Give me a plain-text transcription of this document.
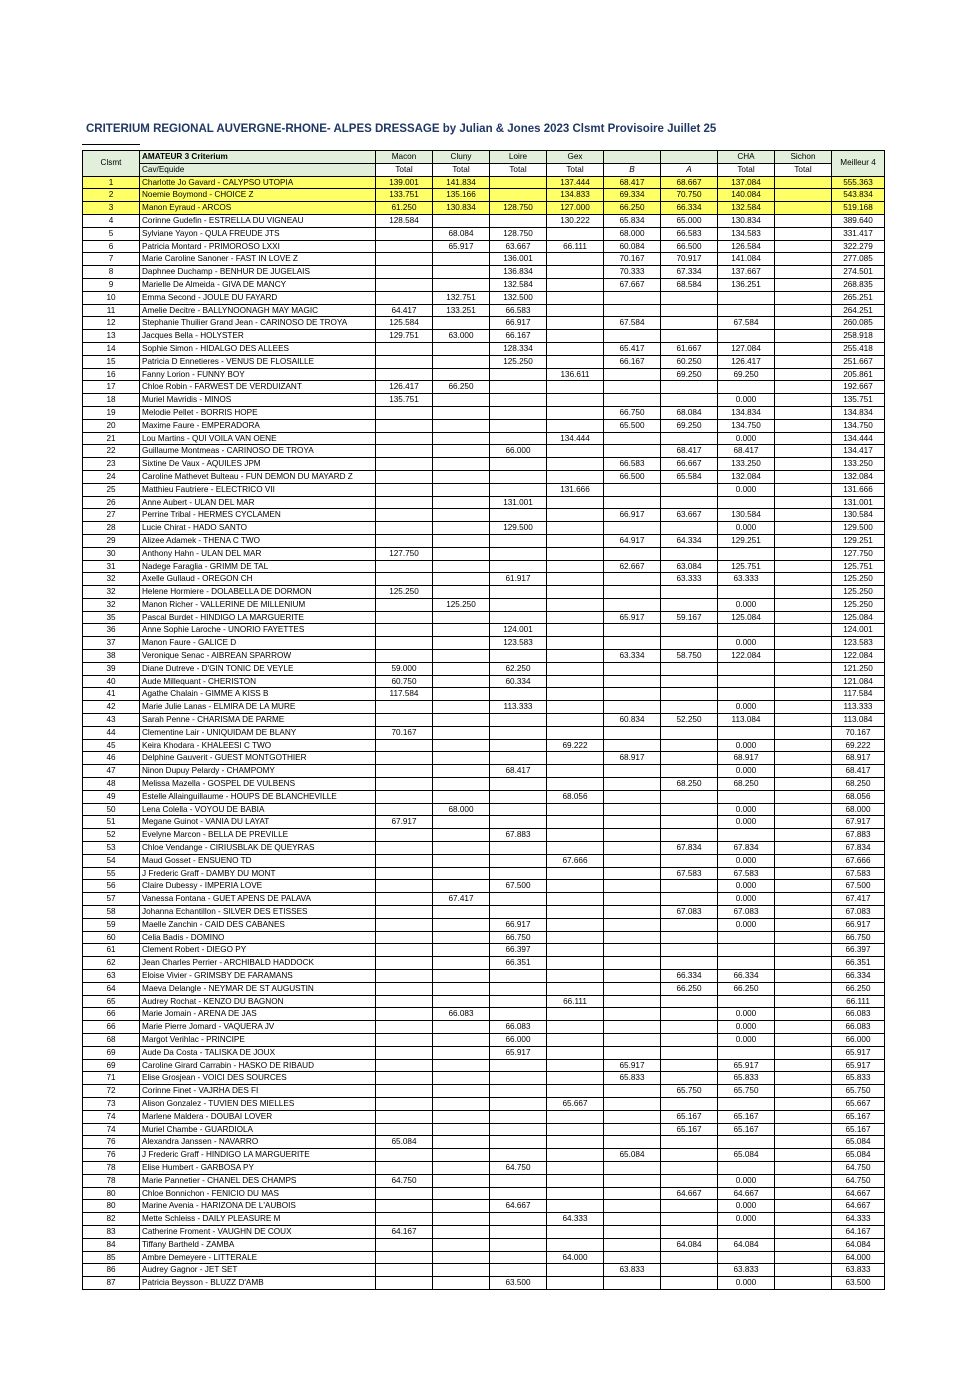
CRITERIUM REGIONAL AUVERGNE-RHONE- ALPES DRESSAGE by Julian & Jones 2023 Clsmt Provisoire Juillet 25
Clsmt	AMATEUR 3 Criterium	Macon	Cluny	Loire	Gex			CHA	Sichon	Meilleur 4
	Cav/Equide	Total	Total	Total	Total	B	A	Total	Total	
1	Charlotte Jo Gavard - CALYPSO UTOPIA	139.001	141.834		137.444	68.417	68.667	137.084		555.363
2	Noemie Boymond - CHOICE Z	133.751	135.166		134.833	69.334	70.750	140.084		543.834
3	Manon Eyraud - ARCOS	61.250	130.834	128.750	127.000	66.250	66.334	132.584		519.168
4	Corinne Gudefin - ESTRELLA DU VIGNEAU	128.584			130.222	65.834	65.000	130.834		389.640
5	Sylviane Yayon - QULA FREUDE JTS		68.084	128.750		68.000	66.583	134.583		331.417
6	Patricia Montard - PRIMOROSO LXXI		65.917	63.667	66.111	60.084	66.500	126.584		322.279
7	Marie Caroline Sanoner - FAST IN LOVE Z			136.001		70.167	70.917	141.084		277.085
8	Daphnee Duchamp - BENHUR DE JUGELAIS			136.834		70.333	67.334	137.667		274.501
9	Marielle De Almeida - GIVA DE MANCY			132.584		67.667	68.584	136.251		268.835
10	Emma Second - JOULE DU FAYARD		132.751	132.500						265.251
11	Amelie Decitre - BALLYNOONAGH MAY MAGIC	64.417	133.251	66.583						264.251
12	Stephanie Thuilier Grand Jean - CARINOSO DE TROYA	125.584		66.917		67.584		67.584		260.085
13	Jacques Bella - HOLYSTER	129.751	63.000	66.167						258.918
14	Sophie Simon - HIDALGO DES ALLEES			128.334		65.417	61.667	127.084		255.418
15	Patricia D Ennetieres - VENUS DE FLOSAILLE			125.250		66.167	60.250	126.417		251.667
16	Fanny Lorion - FUNNY BOY				136.611		69.250	69.250		205.861
17	Chloe Robin - FARWEST DE VERDUIZANT	126.417	66.250							192.667
18	Muriel Mavridis - MINOS	135.751						0.000		135.751
19	Melodie Pellet - BORRIS HOPE					66.750	68.084	134.834		134.834
20	Maxime Faure - EMPERADORA					65.500	69.250	134.750		134.750
21	Lou Martins - QUI VOILA VAN OENE				134.444			0.000		134.444
22	Guillaume Montmeas - CARINOSO DE TROYA			66.000			68.417	68.417		134.417
23	Sixtine De Vaux - AQUILES JPM					66.583	66.667	133.250		133.250
24	Caroline Mathevet Bulteau - FUN DEMON DU MAYARD Z					66.500	65.584	132.084		132.084
25	Matthieu Fautriere - ELECTRICO VII				131.666			0.000		131.666
26	Anne Aubert - ULAN DEL MAR			131.001						131.001
27	Perrine Tribal - HERMES CYCLAMEN					66.917	63.667	130.584		130.584
28	Lucie Chirat - HADO SANTO			129.500				0.000		129.500
29	Alizee Adamek - THENA C TWO					64.917	64.334	129.251		129.251
30	Anthony Hahn - ULAN DEL MAR	127.750								127.750
31	Nadege Faraglia - GRIMM DE TAL					62.667	63.084	125.751		125.751
32	Axelle Gullaud - OREGON CH			61.917			63.333	63.333		125.250
32	Helene Hormiere - DOLABELLA DE DORMON	125.250								125.250
32	Manon Richer - VALLERINE DE MILLENIUM		125.250					0.000		125.250
35	Pascal Burdet - HINDIGO LA MARGUERITE					65.917	59.167	125.084		125.084
36	Anne Sophie Laroche - UNORIO FAYETTES			124.001						124.001
37	Manon Faure - GALICE D			123.583				0.000		123.583
38	Veronique Senac - AIBREAN SPARROW					63.334	58.750	122.084		122.084
39	Diane Dutreve - D'GIN TONIC DE VEYLE	59.000		62.250						121.250
40	Aude Millequant - CHERISTON	60.750		60.334						121.084
41	Agathe Chalain - GIMME A KISS B	117.584								117.584
42	Marie Julie Lanas - ELMIRA DE LA MURE			113.333				0.000		113.333
43	Sarah Penne - CHARISMA DE PARME					60.834	52.250	113.084		113.084
44	Clementine Lair - UNIQUIDAM DE BLANY	70.167								70.167
45	Keira Khodara - KHALEESI C TWO				69.222			0.000		69.222
46	Delphine Gauverit - GUEST MONTGOTHIER					68.917		68.917		68.917
47	Ninon Dupuy Pelardy - CHAMPOMY			68.417				0.000		68.417
48	Melissa Mazella - GOSPEL DE VULBENS						68.250	68.250		68.250
49	Estelle Allainguillaume - HOUPS DE BLANCHEVILLE				68.056					68.056
50	Lena Colella - VOYOU DE BABIA		68.000					0.000		68.000
51	Megane Guinot - VANIA DU LAYAT	67.917						0.000		67.917
52	Evelyne Marcon - BELLA DE PREVILLE			67.883						67.883
53	Chloe Vendange - CIRIUSBLAK DE QUEYRAS						67.834	67.834		67.834
54	Maud Gosset - ENSUENO TD				67.666			0.000		67.666
55	J Frederic Graff - DAMBY DU MONT						67.583	67.583		67.583
56	Claire Dubessy - IMPERIA LOVE			67.500				0.000		67.500
57	Vanessa Fontana - GUET APENS DE PALAVA		67.417					0.000		67.417
58	Johanna Echantillon - SILVER DES ETISSES						67.083	67.083		67.083
59	Maelle Zanchin - CAID DES CABANES			66.917				0.000		66.917
60	Celia Badis - DOMINO			66.750						66.750
61	Clement Robert - DIEGO PY			66.397						66.397
62	Jean Charles Perrier - ARCHIBALD HADDOCK			66.351						66.351
63	Eloise Vivier - GRIMSBY DE FARAMANS						66.334	66.334		66.334
64	Maeva Delangle - NEYMAR DE ST AUGUSTIN						66.250	66.250		66.250
65	Audrey Rochat - KENZO DU BAGNON				66.111					66.111
66	Marie Jomain - ARENA DE JAS		66.083					0.000		66.083
66	Marie Pierre Jomard - VAQUERA JV			66.083				0.000		66.083
68	Margot Verihlac - PRINCIPE			66.000				0.000		66.000
69	Aude Da Costa - TALISKA DE JOUX			65.917						65.917
69	Caroline Girard Carrabin - HASKO DE RIBAUD					65.917		65.917		65.917
71	Elise Grosjean - VOICI DES SOURCES					65.833		65.833		65.833
72	Corinne Finet - VAJRHA DES FI						65.750	65.750		65.750
73	Alison Gonzalez - TUVIEN DES MIELLES				65.667					65.667
74	Marlene Maldera - DOUBAI LOVER						65.167	65.167		65.167
74	Muriel Chambe - GUARDIOLA						65.167	65.167		65.167
76	Alexandra Janssen - NAVARRO	65.084								65.084
76	J Frederic Graff - HINDIGO LA MARGUERITE					65.084		65.084		65.084
78	Elise Humbert - GARBOSA PY			64.750						64.750
78	Marie Pannetier - CHANEL DES CHAMPS	64.750						0.000		64.750
80	Chloe Bonnichon - FENICIO DU MAS						64.667	64.667		64.667
80	Marine Avenia - HARIZONA DE L'AUBOIS			64.667				0.000		64.667
82	Mette Schleiss - DAILY PLEASURE M				64.333			0.000		64.333
83	Catherine Froment - VAUGHN DE COUX	64.167								64.167
84	Tiffany Bartheld - ZAMBA						64.084	64.084		64.084
85	Ambre Demeyere - LITTERALE				64.000					64.000
86	Audrey Gagnor - JET SET					63.833		63.833		63.833
87	Patricia Beysson - BLUZZ D'AMB			63.500				0.000		63.500
